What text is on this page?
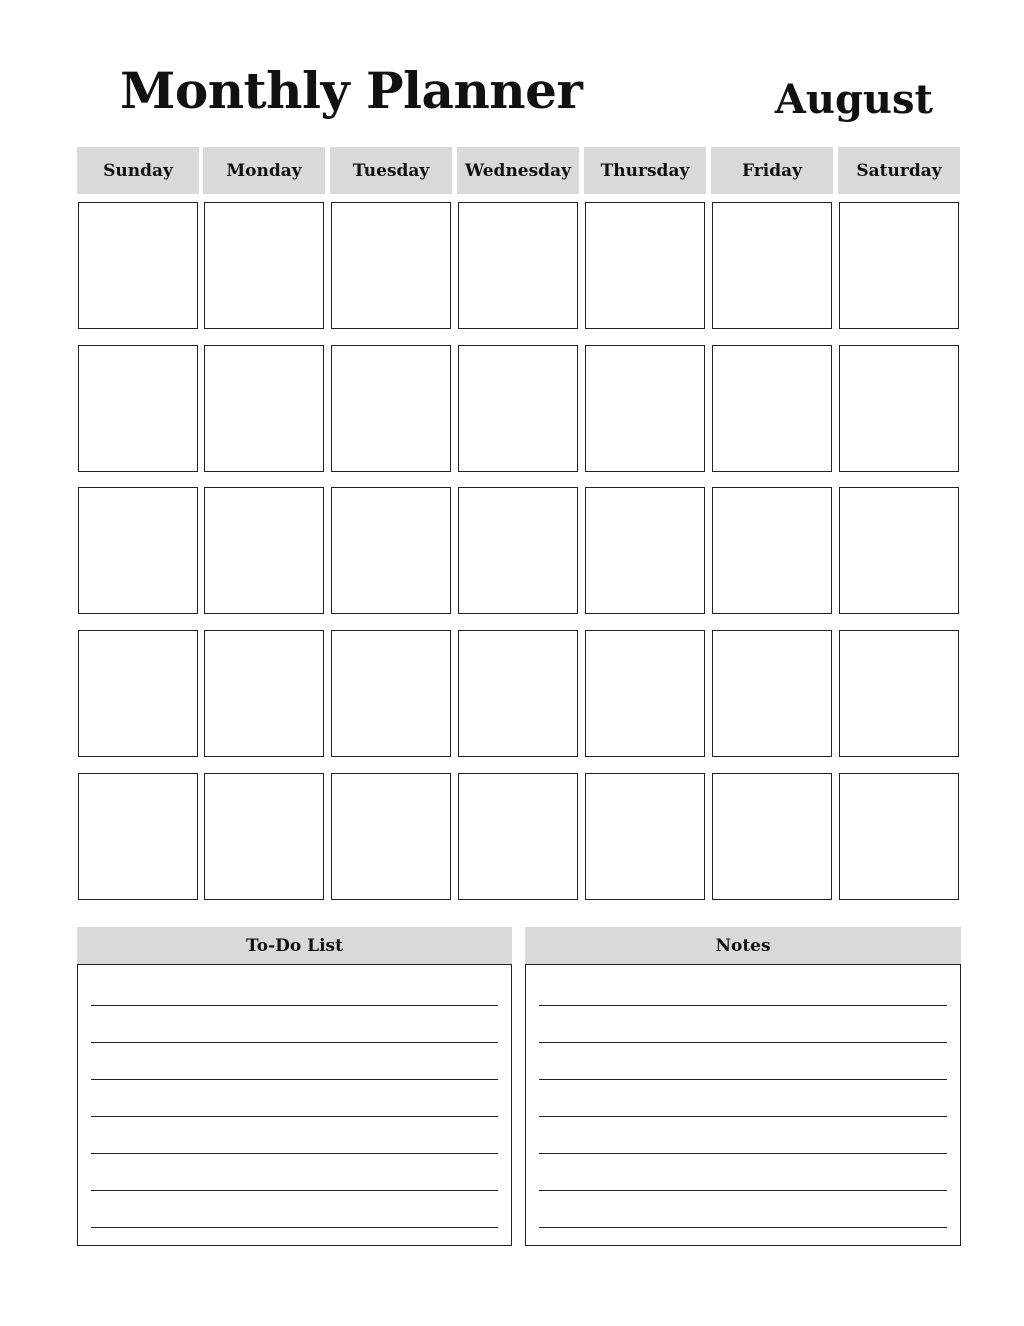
Monthly Planner	August
Sunday	Monday	Tuesday	Wednesday	Thursday	Friday	Saturday
To-Do List	Notes
